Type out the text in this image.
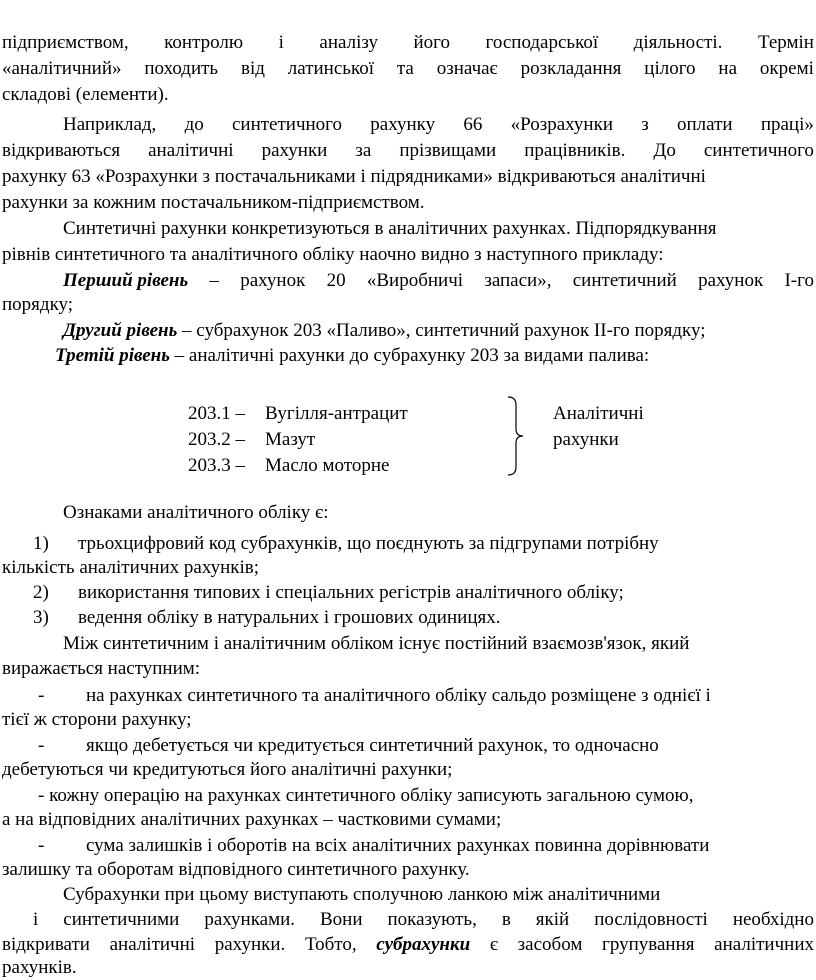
підприємством, контролю і аналізу його господарської діяльності. Термін
«аналітичний» походить від латинської та означає розкладання цілого на окремі
складові (елементи).
Наприклад, до синтетичного рахунку 66 «Розрахунки з оплати праці»
відкриваються аналітичні рахунки за прізвищами працівників. До синтетичного
рахунку 63 «Розрахунки з постачальниками і підрядниками» відкриваються аналітичні
рахунки за кожним постачальником-підприємством.
Синтетичні рахунки конкретизуються в аналітичних рахунках. Підпорядкування
рівнів синтетичного та аналітичного обліку наочно видно з наступного прикладу:
Перший рівень – рахунок 20 «Виробничі запаси», синтетичний рахунок І-го
порядку;
Другий рівень – субрахунок 203 «Паливо», синтетичний рахунок ІІ-го порядку;
Третій рівень – аналітичні рахунки до субрахунку 203 за видами палива:
203.1 – Вугілля-антрацит
203.2 – Мазут
203.3 – Масло моторне
Аналітичні
рахунки
Ознаками аналітичного обліку є:
1) трьохцифровий код субрахунків, що поєднують за підгрупами потрібну
кількість аналітичних рахунків;
2) використання типових і спеціальних регістрів аналітичного обліку;
3) ведення обліку в натуральних і грошових одиницях.
Між синтетичним і аналітичним обліком існує постійний взаємозв'язок, який
виражається наступним:
- на рахунках синтетичного та аналітичного обліку сальдо розміщене з однієї і
тієї ж сторони рахунку;
- якщо дебетується чи кредитується синтетичний рахунок, то одночасно
дебетуються чи кредитуються його аналітичні рахунки;
- кожну операцію на рахунках синтетичного обліку записують загальною сумою,
а на відповідних аналітичних рахунках – частковими сумами;
- сума залишків і оборотів на всіх аналітичних рахунках повинна дорівнювати
залишку та оборотам відповідного синтетичного рахунку.
Субрахунки при цьому виступають сполучною ланкою між аналітичними
і синтетичними рахунками. Вони показують, в якій послідовності необхідно
відкривати аналітичні рахунки. Тобто, субрахунки є засобом групування аналітичних
рахунків.
